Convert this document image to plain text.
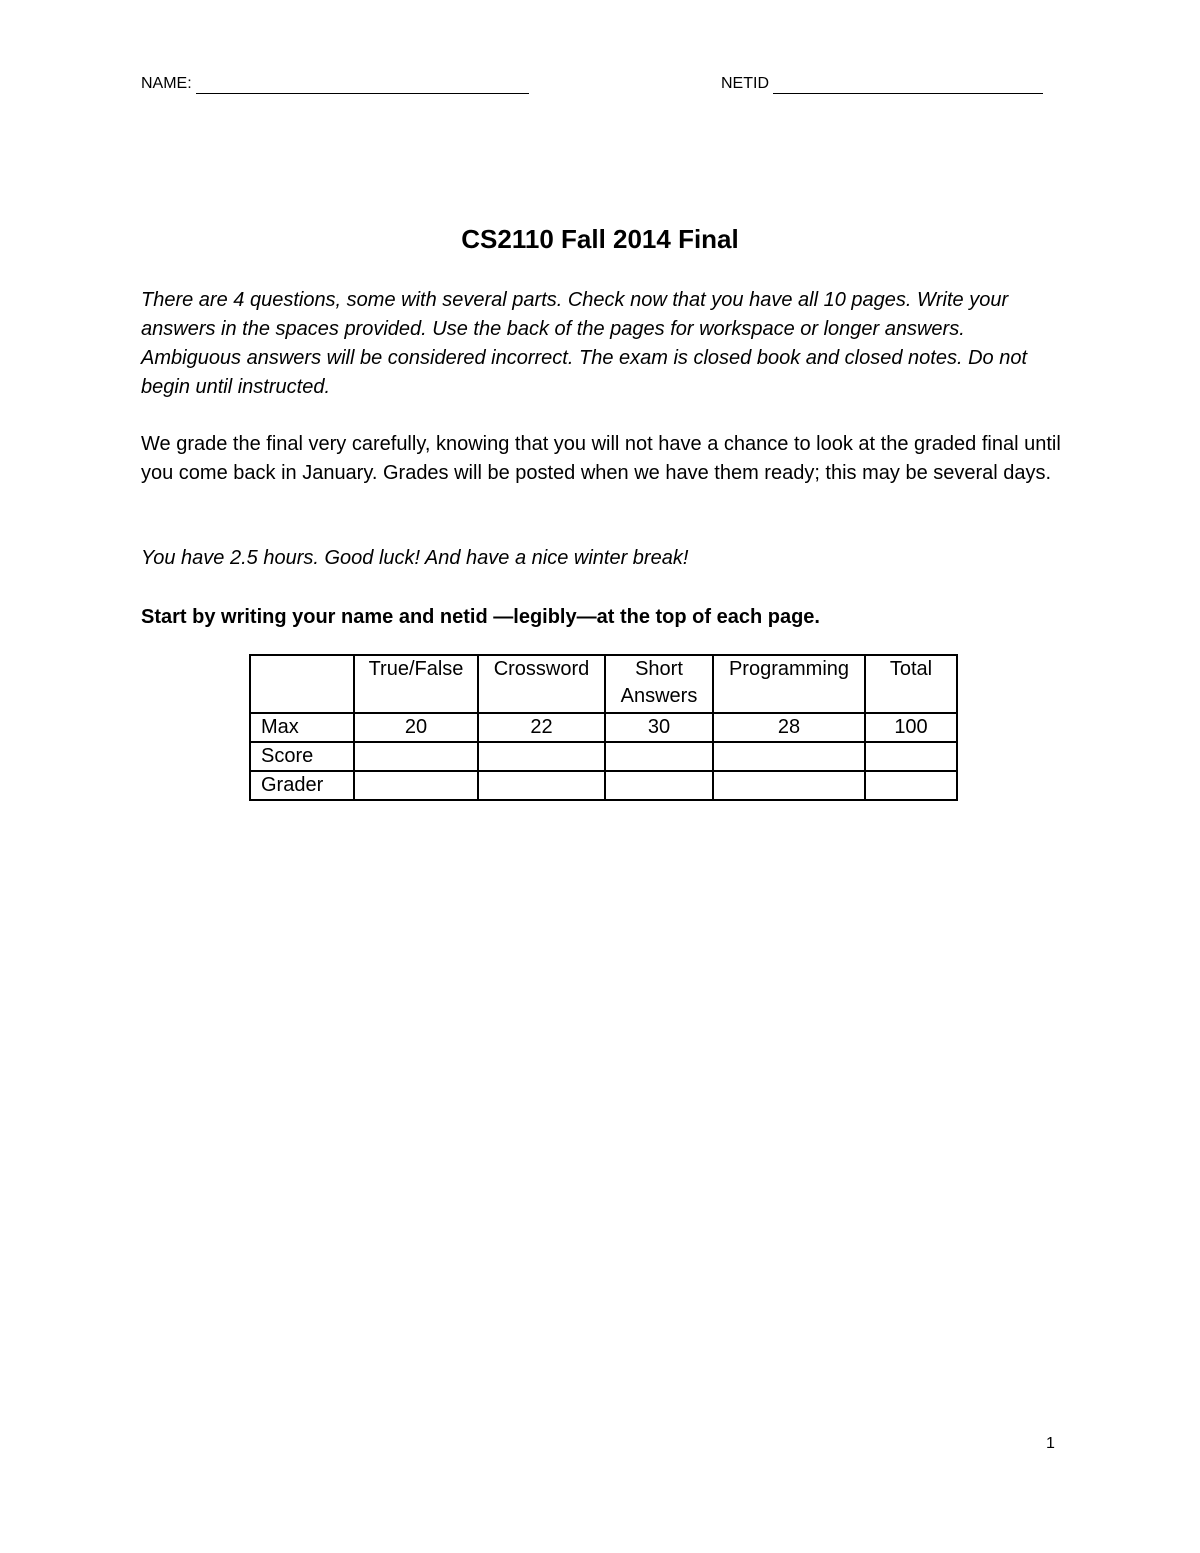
NAME:	NETID
CS2110 Fall 2014 Final

There are 4 questions, some with several parts. Check now that you have all 10 pages. Write your answers in the spaces provided. Use the back of the pages for workspace or longer answers. Ambiguous answers will be considered incorrect. The exam is closed book and closed notes. Do not begin until instructed.

We grade the final very carefully, knowing that you will not have a chance to look at the graded final until you come back in January. Grades will be posted when we have them ready; this may be several days.

You have 2.5 hours. Good luck! And have a nice winter break!

Start by writing your name and netid —legibly—at the top of each page.

	True/False	Crossword	Short Answers	Programming	Total
Max	20	22	30	28	100
Score					
Grader					
1
